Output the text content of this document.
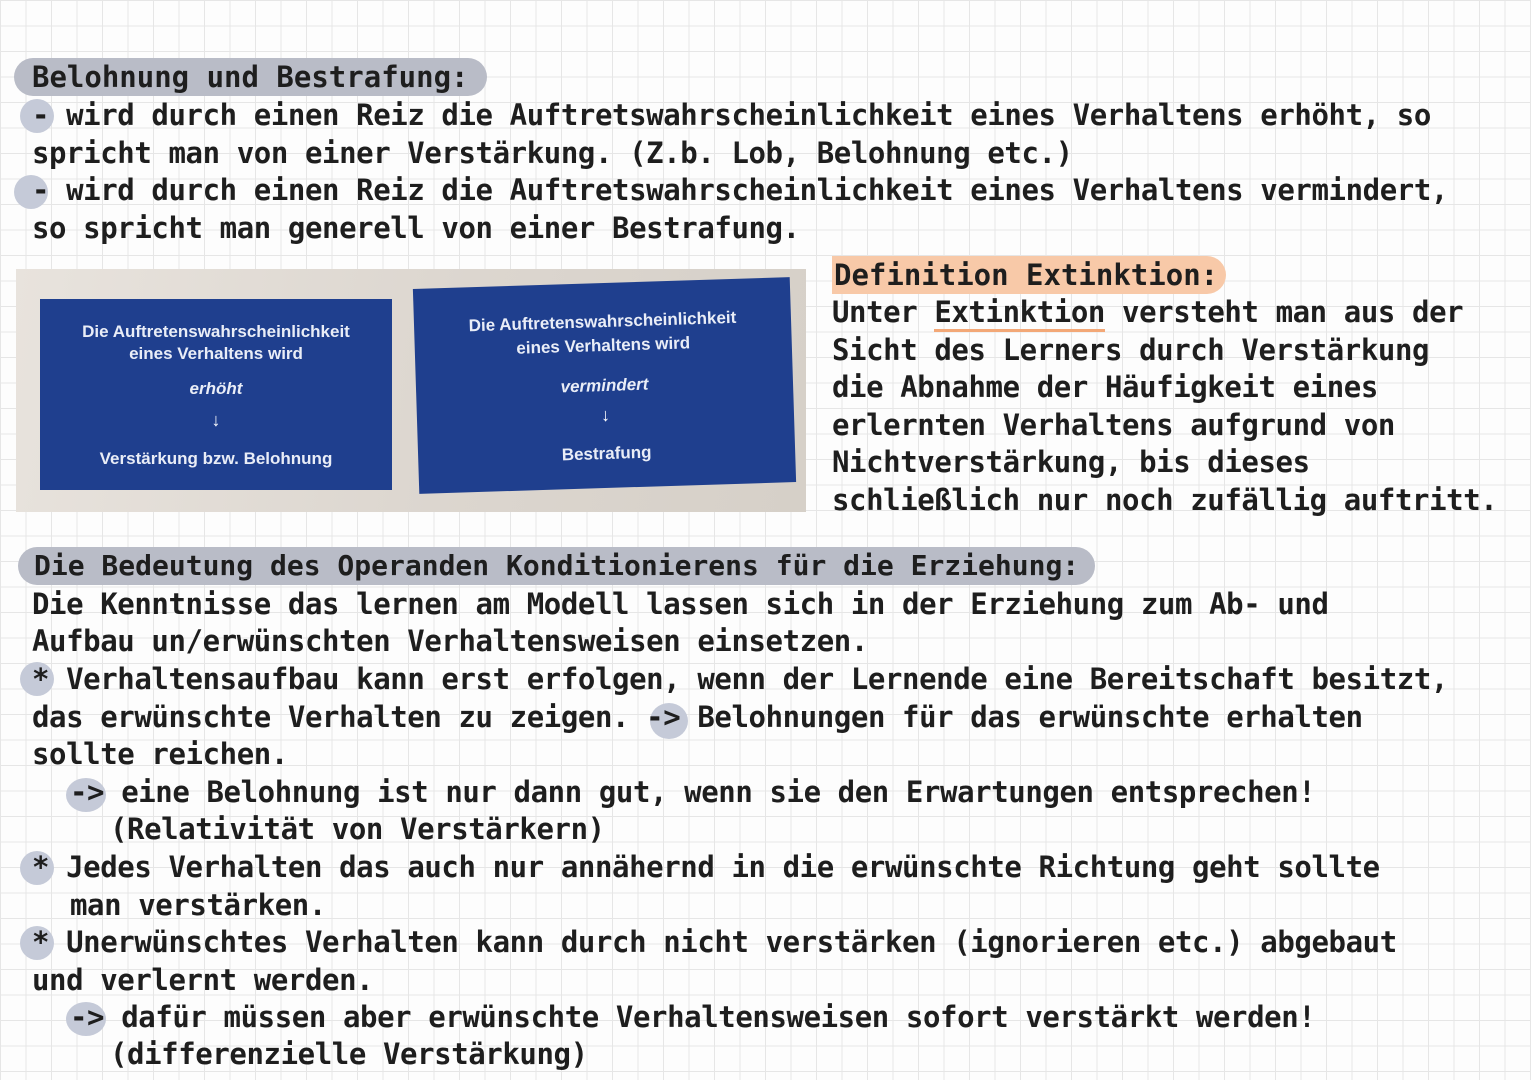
Belohnung und Bestrafung:
- wird durch einen Reiz die Auftretswahrscheinlichkeit eines Verhaltens erhöht, so
spricht man von einer Verstärkung. (Z.b. Lob, Belohnung etc.)
- wird durch einen Reiz die Auftretswahrscheinlichkeit eines Verhaltens vermindert,
so spricht man generell von einer Bestrafung.
Die Auftretenswahrscheinlichkeit
eines Verhaltens wird
erhöht
↓
Verstärkung bzw. Belohnung
Die Auftretenswahrscheinlichkeit
eines Verhaltens wird
vermindert
↓
Bestrafung
Definition Extinktion:
Unter Extinktion versteht man aus der
Sicht des Lerners durch Verstärkung
die Abnahme der Häufigkeit eines
erlernten Verhaltens aufgrund von
Nichtverstärkung, bis dieses
schließlich nur noch zufällig auftritt.
Die Bedeutung des Operanden Konditionierens für die Erziehung:
Die Kenntnisse das lernen am Modell lassen sich in der Erziehung zum Ab- und
Aufbau un/erwünschten Verhaltensweisen einsetzen.
* Verhaltensaufbau kann erst erfolgen, wenn der Lernende eine Bereitschaft besitzt,
das erwünschte Verhalten zu zeigen. -> Belohnungen für das erwünschte erhalten
sollte reichen.
-> eine Belohnung ist nur dann gut, wenn sie den Erwartungen entsprechen!
(Relativität von Verstärkern)
* Jedes Verhalten das auch nur annähernd in die erwünschte Richtung geht sollte
man verstärken.
* Unerwünschtes Verhalten kann durch nicht verstärken (ignorieren etc.) abgebaut
und verlernt werden.
-> dafür müssen aber erwünschte Verhaltensweisen sofort verstärkt werden!
(differenzielle Verstärkung)
